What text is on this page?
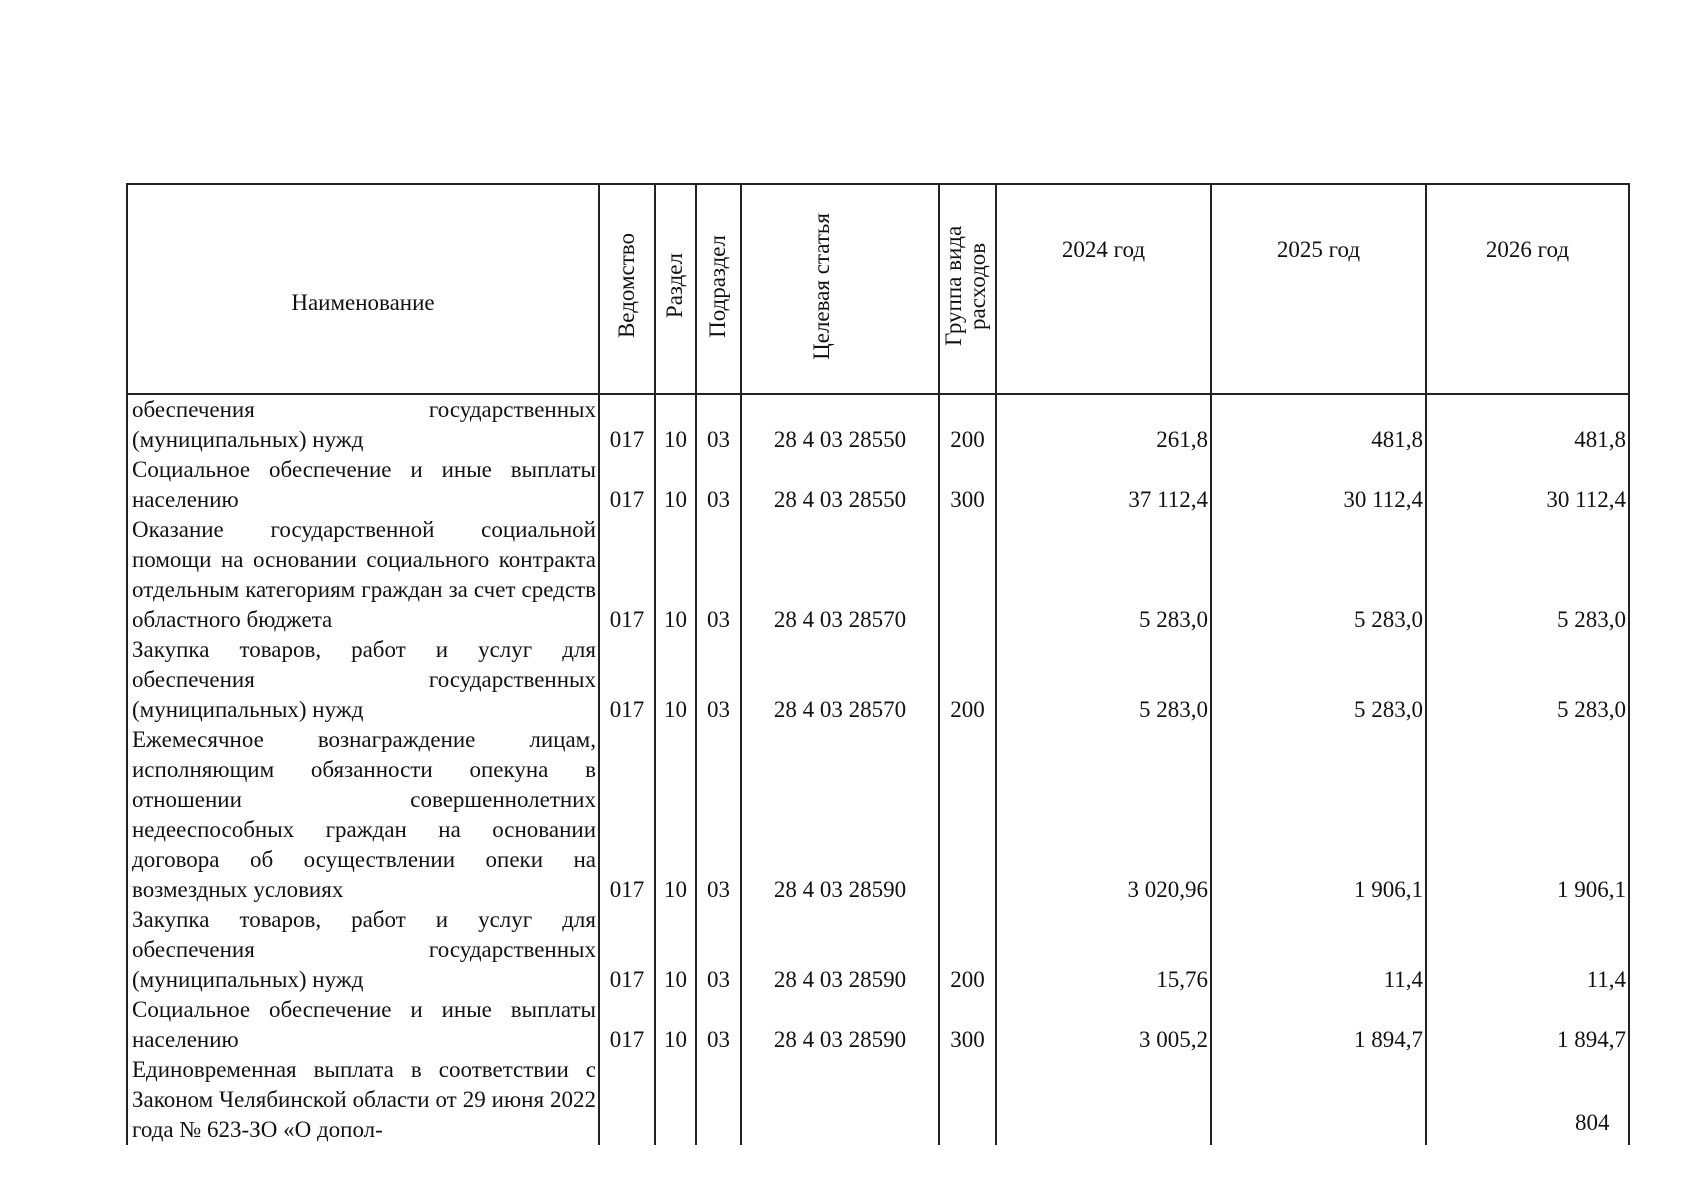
Наименование	Ведомство	Раздел	Подраздел	Целевая статья	Группа вида расходов	2024 год	2025 год	2026 год
обеспечения государственных (муниципальных) нужд	017	10	03	28 4 03 28550	200	261,8	481,8	481,8
Социальное обеспечение и иные выплаты населению	017	10	03	28 4 03 28550	300	37 112,4	30 112,4	30 112,4
Оказание государственной социальной помощи на основании социального контракта отдельным категориям граждан за счет средств областного бюджета	017	10	03	28 4 03 28570		5 283,0	5 283,0	5 283,0
Закупка товаров, работ и услуг для обеспечения государственных (муниципальных) нужд	017	10	03	28 4 03 28570	200	5 283,0	5 283,0	5 283,0
Ежемесячное вознаграждение лицам, исполняющим обязанности опекуна в отношении совершеннолетних недееспособных граждан на основании договора об осуществлении опеки на возмездных условиях	017	10	03	28 4 03 28590		3 020,96	1 906,1	1 906,1
Закупка товаров, работ и услуг для обеспечения государственных (муниципальных) нужд	017	10	03	28 4 03 28590	200	15,76	11,4	11,4
Социальное обеспечение и иные выплаты населению	017	10	03	28 4 03 28590	300	3 005,2	1 894,7	1 894,7
Единовременная выплата в соответствии с Законом Челябинской области от 29 июня 2022 года № 623-ЗО «О допол-									804
